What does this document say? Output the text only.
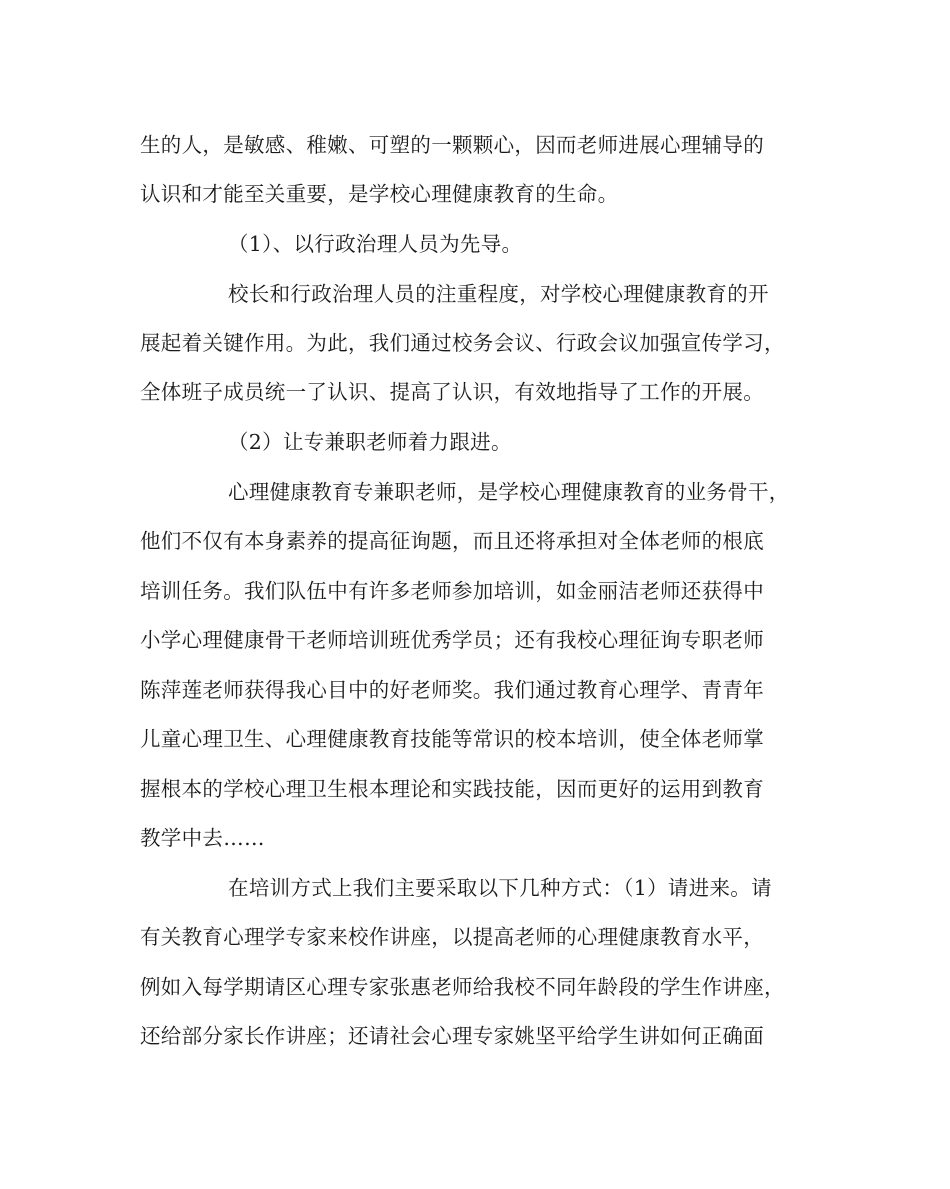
生的人，是敏感、稚嫩、可塑的一颗颗心，因而老师进展心理辅导的
认识和才能至关重要，是学校心理健康教育的生命。
（1）、以行政治理人员为先导。
校长和行政治理人员的注重程度，对学校心理健康教育的开
展起着关键作用。为此，我们通过校务会议、行政会议加强宣传学习，
全体班子成员统一了认识、提高了认识，有效地指导了工作的开展。
（2）让专兼职老师着力跟进。
心理健康教育专兼职老师，是学校心理健康教育的业务骨干，
他们不仅有本身素养的提高征询题，而且还将承担对全体老师的根底
培训任务。我们队伍中有许多老师参加培训，如金丽洁老师还获得中
小学心理健康骨干老师培训班优秀学员；还有我校心理征询专职老师
陈萍莲老师获得我心目中的好老师奖。我们通过教育心理学、青青年
儿童心理卫生、心理健康教育技能等常识的校本培训，使全体老师掌
握根本的学校心理卫生根本理论和实践技能，因而更好的运用到教育
教学中去……
在培训方式上我们主要采取以下几种方式：（1）请进来。请
有关教育心理学专家来校作讲座，以提高老师的心理健康教育水平，
例如入每学期请区心理专家张惠老师给我校不同年龄段的学生作讲座，
还给部分家长作讲座；还请社会心理专家姚坚平给学生讲如何正确面
